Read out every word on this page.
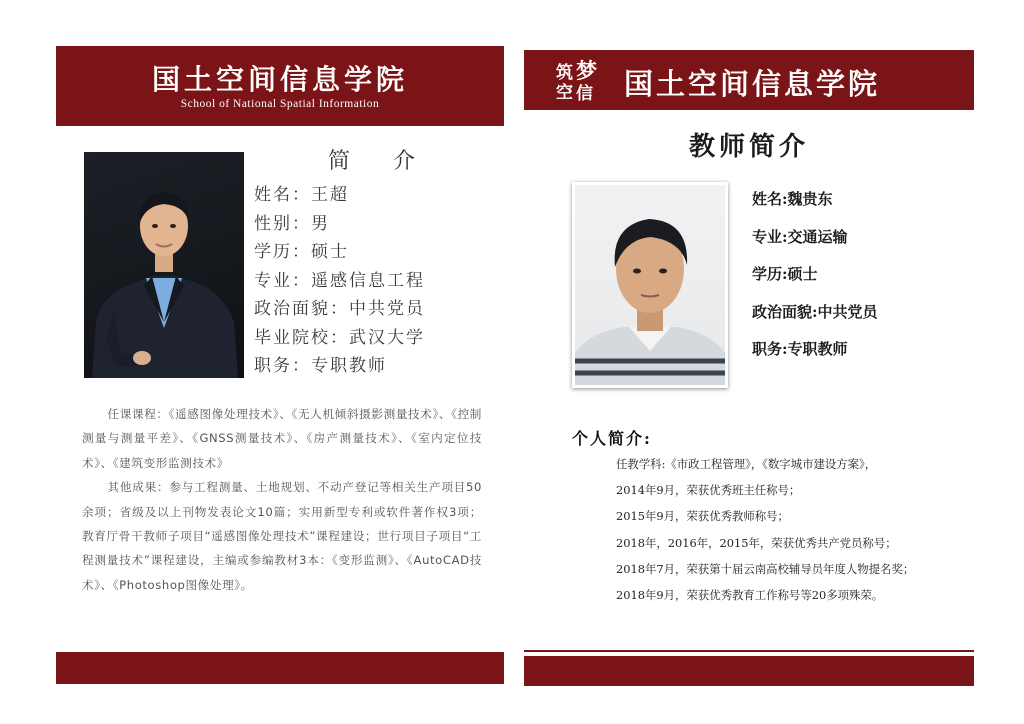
国土空间信息学院
School of National Spatial Information
简 介
姓名：王超
性别：男
学历：硕士
专业：遥感信息工程
政治面貌：中共党员
毕业院校：武汉大学
职务：专职教师

任课课程：《遥感图像处理技术》、《无人机倾斜摄影测量技术》、《控制测量与测量平差》、《GNSS测量技术》、《房产测量技术》、《室内定位技术》、《建筑变形监测技术》

其他成果：参与工程测量、土地规划、不动产登记等相关生产项目50余项；省级及以上刊物发表论文10篇；实用新型专利或软件著作权3项；教育厅骨干教师子项目“遥感图像处理技术”课程建设；世行项目子项目“工程测量技术”课程建设，主编或参编教材3本：《变形监测》、《AutoCAD技术》、《Photoshop图像处理》。

筑 梦
空 信 国土空间信息学院
教师简介
姓名:魏贵东
专业:交通运输
学历:硕士
政治面貌:中共党员
职务:专职教师
个人简介:
任教学科:《市政工程管理》，《数字城市建设方案》，
2014年9月，荣获优秀班主任称号；
2015年9月，荣获优秀教师称号；
2018年，2016年，2015年，荣获优秀共产党员称号；
2018年7月，荣获第十届云南高校辅导员年度人物提名奖；
2018年9月，荣获优秀教育工作称号等20多项殊荣。
